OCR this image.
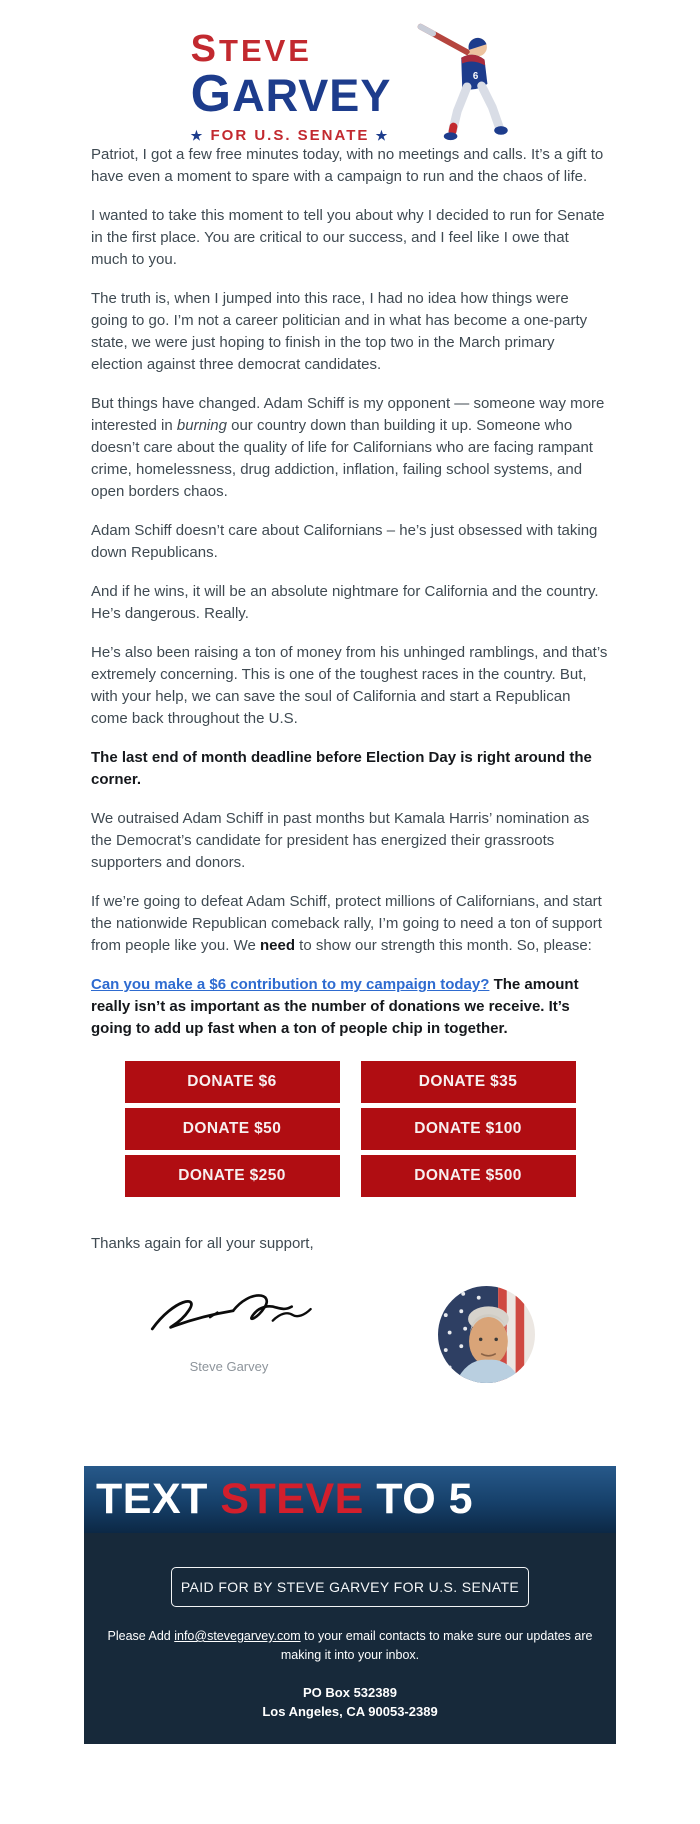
STEVE
GARVEY
★ FOR U.S. SENATE ★
6

Patriot, I got a few free minutes today, with no meetings and calls. It’s a gift to have even a moment to spare with a campaign to run and the chaos of life.

I wanted to take this moment to tell you about why I decided to run for Senate in the first place. You are critical to our success, and I feel like I owe that much to you.

The truth is, when I jumped into this race, I had no idea how things were going to go. I’m not a career politician and in what has become a one-party state, we were just hoping to finish in the top two in the March primary election against three democrat candidates.

But things have changed. Adam Schiff is my opponent — someone way more interested in burning our country down than building it up. Someone who doesn’t care about the quality of life for Californians who are facing rampant crime, homelessness, drug addiction, inflation, failing school systems, and open borders chaos.

Adam Schiff doesn’t care about Californians – he’s just obsessed with taking down Republicans.

And if he wins, it will be an absolute nightmare for California and the country. He’s dangerous. Really.

He’s also been raising a ton of money from his unhinged ramblings, and that’s extremely concerning. This is one of the toughest races in the country. But, with your help, we can save the soul of California and start a Republican come back throughout the U.S.

The last end of month deadline before Election Day is right around the corner.

We outraised Adam Schiff in past months but Kamala Harris’ nomination as the Democrat’s candidate for president has energized their grassroots supporters and donors.

If we’re going to defeat Adam Schiff, protect millions of Californians, and start the nationwide Republican comeback rally, I’m going to need a ton of support from people like you. We need to show our strength this month. So, please:

Can you make a $6 contribution to my campaign today? The amount really isn’t as important as the number of donations we receive. It’s going to add up fast when a ton of people chip in together.

DONATE $6	DONATE $35
DONATE $50	DONATE $100
DONATE $250	DONATE $500

Thanks again for all your support,

Steve Garvey
TEXT STEVE TO 5
PAID FOR BY STEVE GARVEY FOR U.S. SENATE

Please Add info@stevegarvey.com to your email contacts to make sure our updates are making it into your inbox.

PO Box 532389
Los Angeles, CA 90053-2389

Unsubscribe here
